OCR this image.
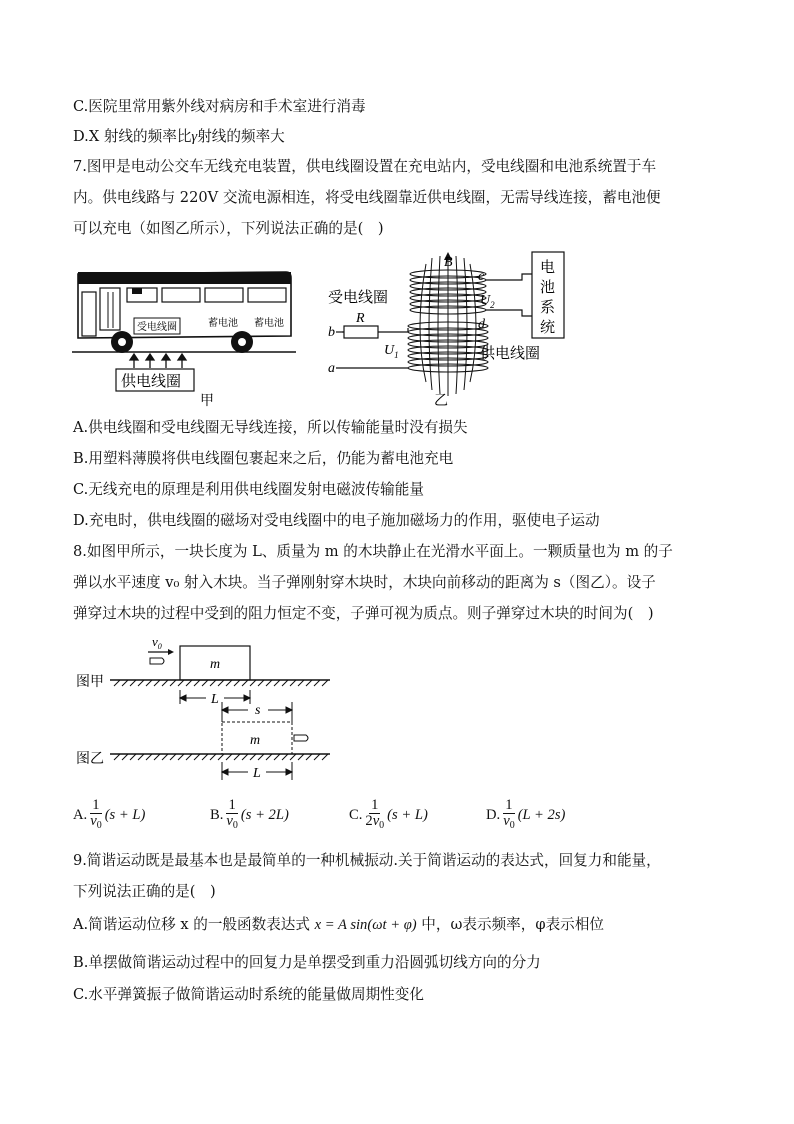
C.医院里常用紫外线对病房和手术室进行消毒
D.X 射线的频率比γ射线的频率大
7.图甲是电动公交车无线充电装置，供电线圈设置在充电站内，受电线圈和电池系统置于车
内。供电线路与 220V 交流电源相连，将受电线圈靠近供电线圈，无需导线连接，蓄电池便
可以充电（如图乙所示），下列说法正确的是(　)
受电线圈	蓄电池 蓄电池
供电线圈
甲
B	电
池
系
统
c
d
$U_2$
受电线圈
R
b
a
$U_1$	供电线圈
乙
A.供电线圈和受电线圈无导线连接，所以传输能量时没有损失
B.用塑料薄膜将供电线圈包裹起来之后，仍能为蓄电池充电
C.无线充电的原理是利用供电线圈发射电磁波传输能量
D.充电时，供电线圈的磁场对受电线圈中的电子施加磁场力的作用，驱使电子运动
8.如图甲所示，一块长度为 L、质量为 m 的木块静止在光滑水平面上。一颗质量也为 m 的子
弹以水平速度 v₀ 射入木块。当子弹刚射穿木块时，木块向前移动的距离为 s（图乙）。设子
弹穿过木块的过程中受到的阻力恒定不变，子弹可视为质点。则子弹穿过木块的时间为(　)
$v_0$
m
图甲
L
s
m
图乙
L
A. $\frac{1}{v_0} (s + L)$	B. $\frac{1}{v_0} (s + 2L)$	C. $\frac{1}{2v_0} (s + L)$	D. $\frac{1}{v_0} (L + 2s)$
9.简谐运动既是最基本也是最简单的一种机械振动.关于简谐运动的表达式，回复力和能量，
下列说法正确的是(　)
A.简谐运动位移 x 的一般函数表达式 x = A sin(ωt + φ) 中，ω表示频率，φ表示相位
B.单摆做简谐运动过程中的回复力是单摆受到重力沿圆弧切线方向的分力
C.水平弹簧振子做简谐运动时系统的能量做周期性变化
